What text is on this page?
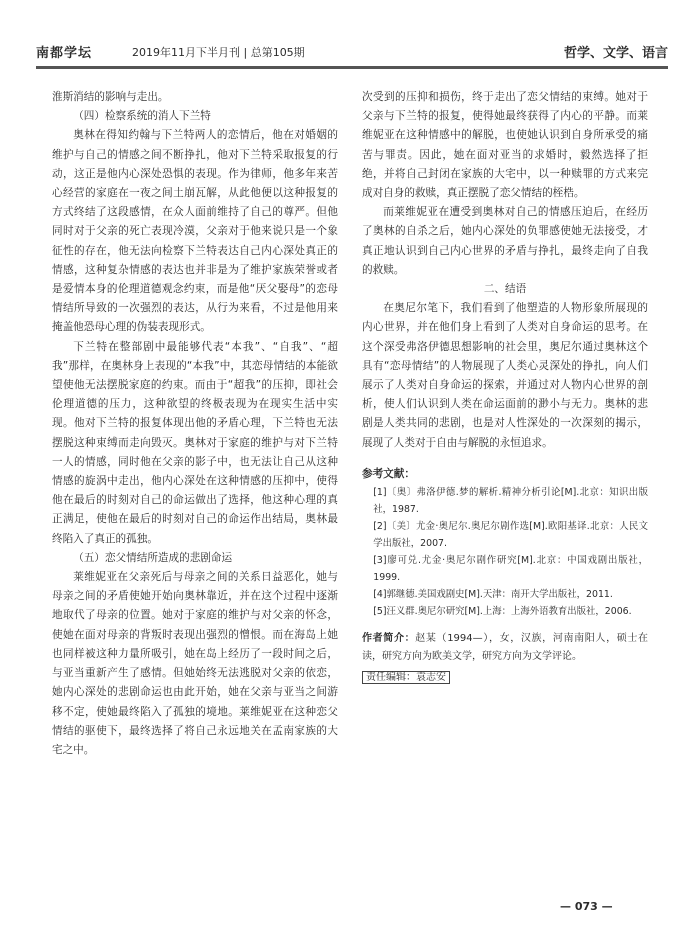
南都学坛	2019年11月下半月刊 | 总第105期	哲学、文学、语言

淮斯消结的影响与走出。

（四）检察系统的消人下兰特

奥林在得知约翰与下兰特两人的恋情后，他在对婚姻的维护与自己的情感之间不断挣扎，他对下兰特采取报复的行动，这正是他内心深处恐惧的表现。作为律师，他多年来苦心经营的家庭在一夜之间土崩瓦解，从此他便以这种报复的方式终结了这段感情，在众人面前维持了自己的尊严。但他同时对于父亲的死亡表现冷漠，父亲对于他来说只是一个象征性的存在，他无法向检察下兰特表达自己内心深处真正的情感，这种复杂情感的表达也并非是为了维护家族荣誉或者是爱情本身的伦理道德观念约束，而是他“厌父娶母”的恋母情结所导致的一次强烈的表达，从行为来看，不过是他用来掩盖他恐母心理的伪装表现形式。

下兰特在整部剧中最能够代表“本我”、“自我”、“超我”那样，在奥林身上表现的“本我”中，其恋母情结的本能欲望使他无法摆脱家庭的约束。而由于“超我”的压抑，即社会伦理道德的压力，这种欲望的终极表现为在现实生活中实现。他对下兰特的报复体现出他的矛盾心理，下兰特也无法摆脱这种束缚而走向毁灭。奥林对于家庭的维护与对下兰特一人的情感，同时他在父亲的影子中，也无法让自己从这种情感的旋涡中走出，他内心深处在这种情感的压抑中，使得他在最后的时刻对自己的命运做出了选择，他这种心理的真正满足，使他在最后的时刻对自己的命运作出结局，奥林最终陷入了真正的孤独。

（五）恋父情结所造成的悲剧命运

莱维妮亚在父亲死后与母亲之间的关系日益恶化，她与母亲之间的矛盾使她开始向奥林靠近，并在这个过程中逐渐地取代了母亲的位置。她对于家庭的维护与对父亲的怀念，使她在面对母亲的背叛时表现出强烈的憎恨。而在海岛上她也同样被这种力量所吸引，她在岛上经历了一段时间之后，与亚当重新产生了感情。但她始终无法逃脱对父亲的依恋，她内心深处的悲剧命运也由此开始，她在父亲与亚当之间游移不定，使她最终陷入了孤独的境地。莱维妮亚在这种恋父情结的驱使下，最终选择了将自己永远地关在孟南家族的大宅之中。

次受到的压抑和损伤，终于走出了恋父情结的束缚。她对于父亲与下兰特的报复，使得她最终获得了内心的平静。而莱维妮亚在这种情感中的解脱，也使她认识到自身所承受的痛苦与罪责。因此，她在面对亚当的求婚时，毅然选择了拒绝，并将自己封闭在家族的大宅中，以一种赎罪的方式来完成对自身的救赎，真正摆脱了恋父情结的桎梏。

而莱维妮亚在遭受到奥林对自己的情感压迫后，在经历了奥林的自杀之后，她内心深处的负罪感使她无法接受，才真正地认识到自己内心世界的矛盾与挣扎，最终走向了自我的救赎。

二、结语

在奥尼尔笔下，我们看到了他塑造的人物形象所展现的内心世界，并在他们身上看到了人类对自身命运的思考。在这个深受弗洛伊德思想影响的社会里，奥尼尔通过奥林这个具有“恋母情结”的人物展现了人类心灵深处的挣扎，向人们展示了人类对自身命运的探索，并通过对人物内心世界的剖析，使人们认识到人类在命运面前的渺小与无力。奥林的悲剧是人类共同的悲剧，也是对人性深处的一次深刻的揭示，展现了人类对于自由与解脱的永恒追求。

参考文献：

[1]〔奥〕弗洛伊德.梦的解析.精神分析引论[M].北京：知识出版社，1987.

[2]〔美〕尤金·奥尼尔.奥尼尔剧作选[M].欧阳基译.北京：人民文学出版社，2007.

[3]廖可兑.尤金·奥尼尔剧作研究[M].北京：中国戏剧出版社，1999.

[4]郭继德.美国戏剧史[M].天津：南开大学出版社，2011.

[5]汪义群.奥尼尔研究[M].上海：上海外语教育出版社，2006.

作者简介：赵某（1994—），女，汉族，河南南阳人，硕士在读，研究方向为欧美文学，研究方向为文学评论。

责任编辑：袁志安

— 073 —
